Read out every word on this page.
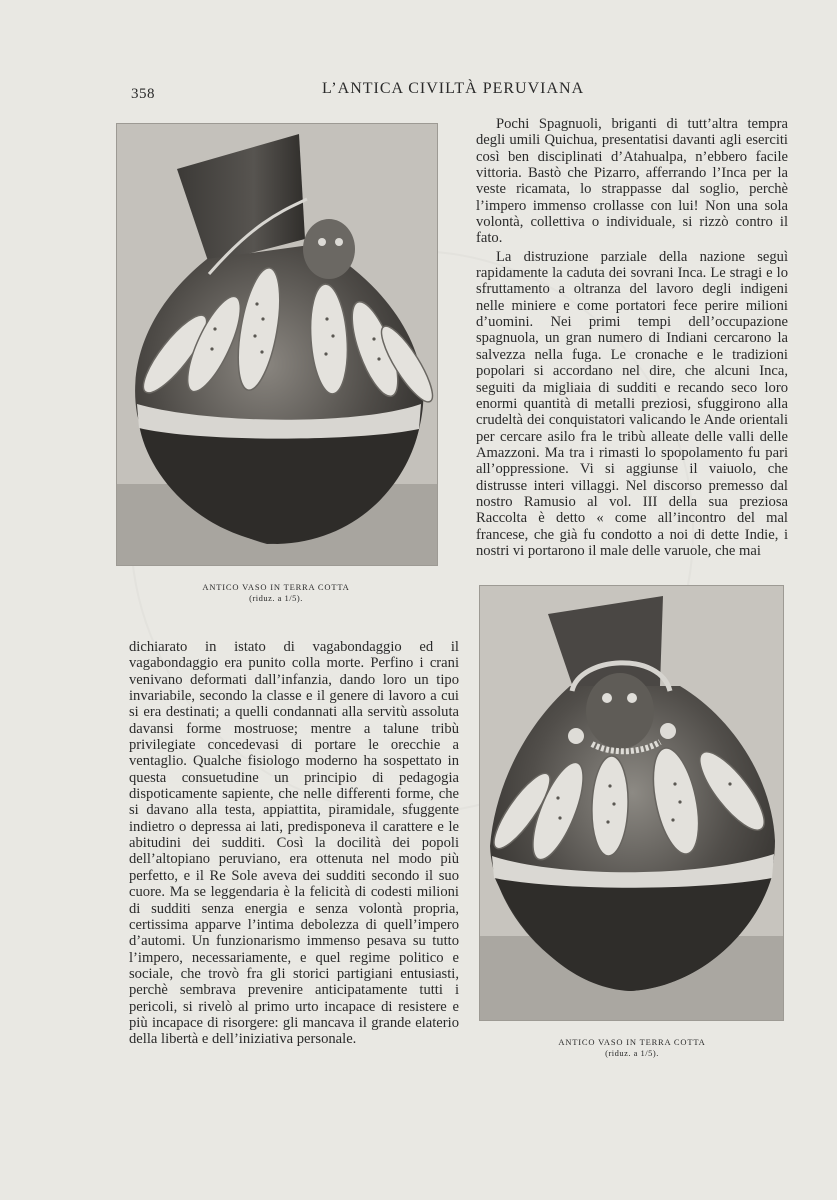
358	L’ANTICA CIVILTÀ PERUVIANA
ANTICO VASO IN TERRA COTTA
(riduz. a 1/5).

Pochi Spagnuoli, briganti di tutt’altra tempra degli umili Quichua, presentatisi davanti agli eserciti così ben disciplinati d’Atahualpa, n’ebbero facile vittoria. Bastò che Pizarro, afferrando l’Inca per la veste ricamata, lo strappasse dal soglio, perchè l’impero immenso crollasse con lui! Non una sola volontà, collettiva o individuale, si rizzò contro il fato.

La distruzione parziale della nazione seguì rapidamente la caduta dei sovrani Inca. Le stragi e lo sfruttamento a oltranza del lavoro degli indigeni nelle miniere e come portatori fece perire milioni d’uomini. Nei primi tempi dell’occupazione spagnuola, un gran numero di Indiani cercarono la salvezza nella fuga. Le cronache e le tradizioni popolari si accordano nel dire, che alcuni Inca, seguiti da migliaia di sudditi e recando seco loro enormi quantità di metalli preziosi, sfuggirono alla crudeltà dei conquistatori valicando le Ande orientali per cercare asilo fra le tribù alleate delle valli delle Amazzoni. Ma tra i rimasti lo spopolamento fu pari all’oppressione. Vi si aggiunse il vaiuolo, che distrusse interi villaggi. Nel discorso premesso dal nostro Ramusio al vol. III della sua preziosa Raccolta è detto « come all’incontro del mal francese, che già fu condotto a noi di dette Indie, i nostri vi portarono il male delle varuole, che mai

dichiarato in istato di vagabondaggio ed il vagabondaggio era punito colla morte. Perfino i crani venivano deformati dall’infanzia, dando loro un tipo invariabile, secondo la classe e il genere di lavoro a cui si era destinati; a quelli condannati alla servitù assoluta davansi forme mostruose; mentre a talune tribù privilegiate concedevasi di portare le orecchie a ventaglio. Qualche fisiologo moderno ha sospettato in questa consuetudine un principio di pedagogia dispoticamente sapiente, che nelle differenti forme, che si davano alla testa, appiattita, piramidale, sfuggente indietro o depressa ai lati, predisponeva il carattere e le abitudini dei sudditi. Così la docilità dei popoli dell’altopiano peruviano, era ottenuta nel modo più perfetto, e il Re Sole aveva dei sudditi secondo il suo cuore. Ma se leggendaria è la felicità di codesti milioni di sudditi senza energia e senza volontà propria, certissima apparve l’intima debolezza di quell’impero d’automi. Un funzionarismo immenso pesava su tutto l’impero, necessariamente, e quel regime politico e sociale, che trovò fra gli storici partigiani entusiasti, perchè sembrava prevenire anticipatamente tutti i pericoli, si rivelò al primo urto incapace di resistere e più incapace di risorgere: gli mancava il grande elaterio della libertà e dell’iniziativa personale.	ANTICO VASO IN TERRA COTTA
(riduz. a 1/5).
